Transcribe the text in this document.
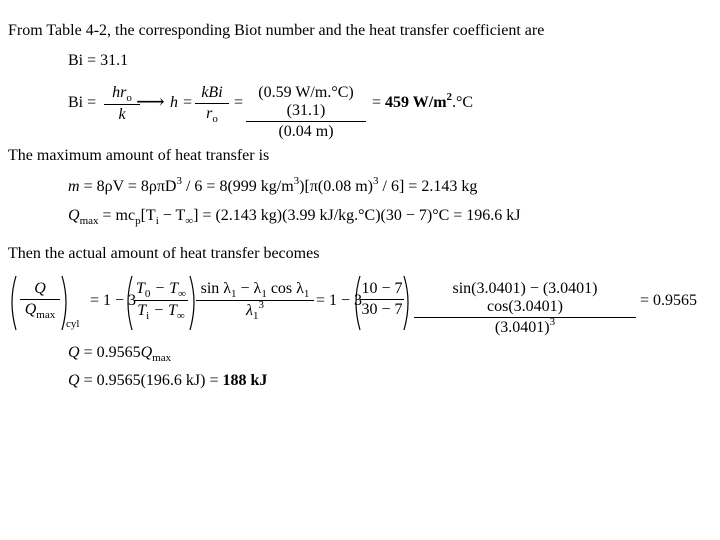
From Table 4-2, the corresponding Biot number and the heat transfer coefficient are
Bi = 31.1
Bi =
$hr_o$
k
⟶ h =
kBi
$r_o$
=
(0.59 W/m.°C)(31.1)
(0.04 m)
= 459 $W/m^2.^\circ C$
The maximum amount of heat transfer is
m = 8ρV = 8ρπD$^3$ / 6 = 8(999 $kg/m^3)[\pi(0.08$ m)$^3$ / 6] = 2.143 kg
$Q_{max} = mc_p[T_i - T_\infty] = (2.143$ kg)(3.99 kJ/kg.°C)(30 − 7)°C = 196.6 kJ
Then the actual amount of heat transfer becomes
Q
$Q_{max}$
cyl
= 1 − 3
$T_0 - T_\infty$
$T_i - T_\infty$
$\sin \lambda_1 - \lambda_1$ $\cos \lambda_1$
$\lambda_1^3$	= 1 − 3
10 − 7
30 − 7
sin(3.0401) − (3.0401) cos(3.0401)
$(3.0401)^3$
= 0.9565
$Q = 0.9565Q_{max}$
Q = 0.9565(196.6 kJ) = 188 kJ
